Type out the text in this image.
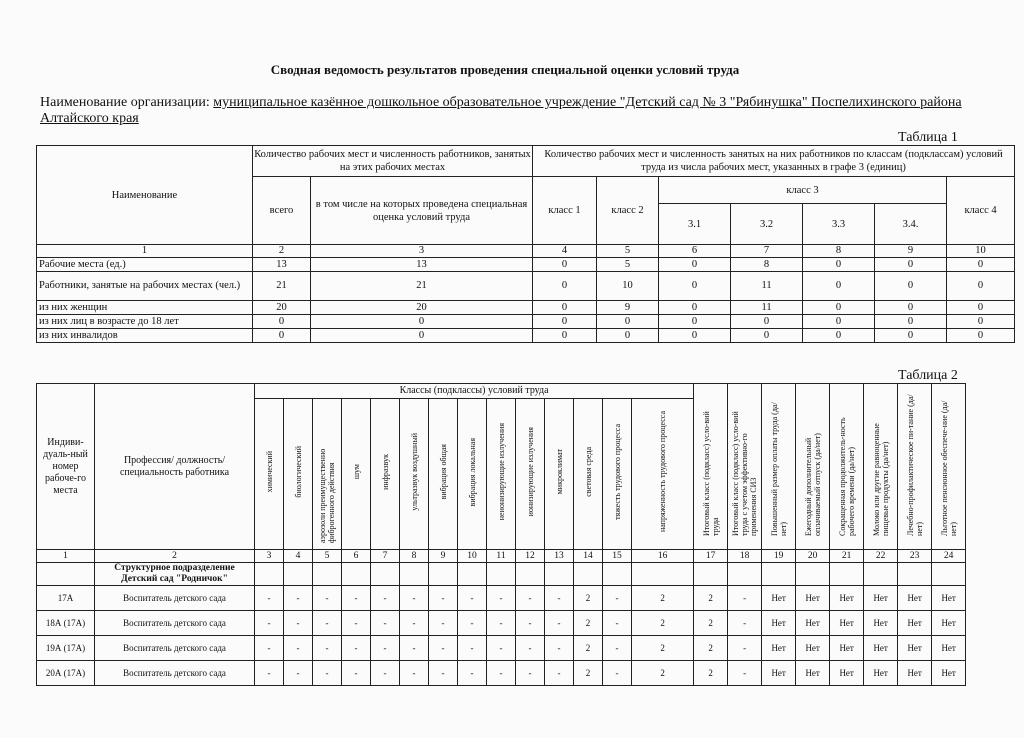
Сводная ведомость результатов проведения специальной оценки условий труда
Наименование организации: муниципальное казённое дошкольное образовательное учреждение "Детский сад № 3 "Рябинушка" Поспелихинского района Алтайского края
Таблица 1
Наименование	Количество рабочих мест и численность работников, занятых на этих рабочих местах		Количество рабочих мест и численность занятых на них работников по классам (подклассам) условий труда из числа рабочих мест, указанных в графе 3 (единиц)						
	всего	в том числе на которых проведена специальная оценка условий труда	класс 1	класс 2	класс 3				класс 4
					3.1	3.2	3.3	3.4.	
1	2	3	4	5	6	7	8	9	10
Рабочие места (ед.)	13	13	0	5	0	8	0	0	0
Работники, занятые на рабочих местах (чел.)	21	21	0	10	0	11	0	0	0
из них женщин	20	20	0	9	0	11	0	0	0
из них лиц в возрасте до 18 лет	0	0	0	0	0	0	0	0	0
из них инвалидов	0	0	0	0	0	0	0	0	0
Таблица 2
Индиви-дуаль-ный номер рабоче-го места	Профессия/ должность/ специальность работника	Классы (подклассы) условий труда														Итоговый класс (подкласс) усло-вий труда	Итоговый класс (подкласс) усло-вий труда с учетом эффективно-го применения СИЗ	Повышенный размер оплаты труда (да/нет)	Ежегодный дополнительный оплачиваемый отпуск (да/нет)	Сокращенная продолжитель-ность рабочего времени (да/нет)	Молоко или другие равноценные пищевые продукты (да/нет)	Лечебно-профилактическое пи-тание (да/нет)	Льготное пенсионное обеспече-ние (да/нет)
		химический	биологический	аэрозоли преимущественно фиброгенного действия	шум	инфразвук	ультразвук воздушный	вибрация общая	вибрация локальная	неионизирующие излучения	ионизирующие излучения	микроклимат	световая среда	тяжесть трудового процесса	напряженность трудового процесса								
1	2	3	4	5	6	7	8	9	10	11	12	13	14	15	16	17	18	19	20	21	22	23	24
	Структурное подразделение Детский сад "Родничок"																						
17А	Воспитатель детского сада	-	-	-	-	-	-	-	-	-	-	-	2	-	2	2	-	Нет	Нет	Нет	Нет	Нет	Нет
18А (17А)	Воспитатель детского сада	-	-	-	-	-	-	-	-	-	-	-	2	-	2	2	-	Нет	Нет	Нет	Нет	Нет	Нет
19А (17А)	Воспитатель детского сада	-	-	-	-	-	-	-	-	-	-	-	2	-	2	2	-	Нет	Нет	Нет	Нет	Нет	Нет
20А (17А)	Воспитатель детского сада	-	-	-	-	-	-	-	-	-	-	-	2	-	2	2	-	Нет	Нет	Нет	Нет	Нет	Нет
